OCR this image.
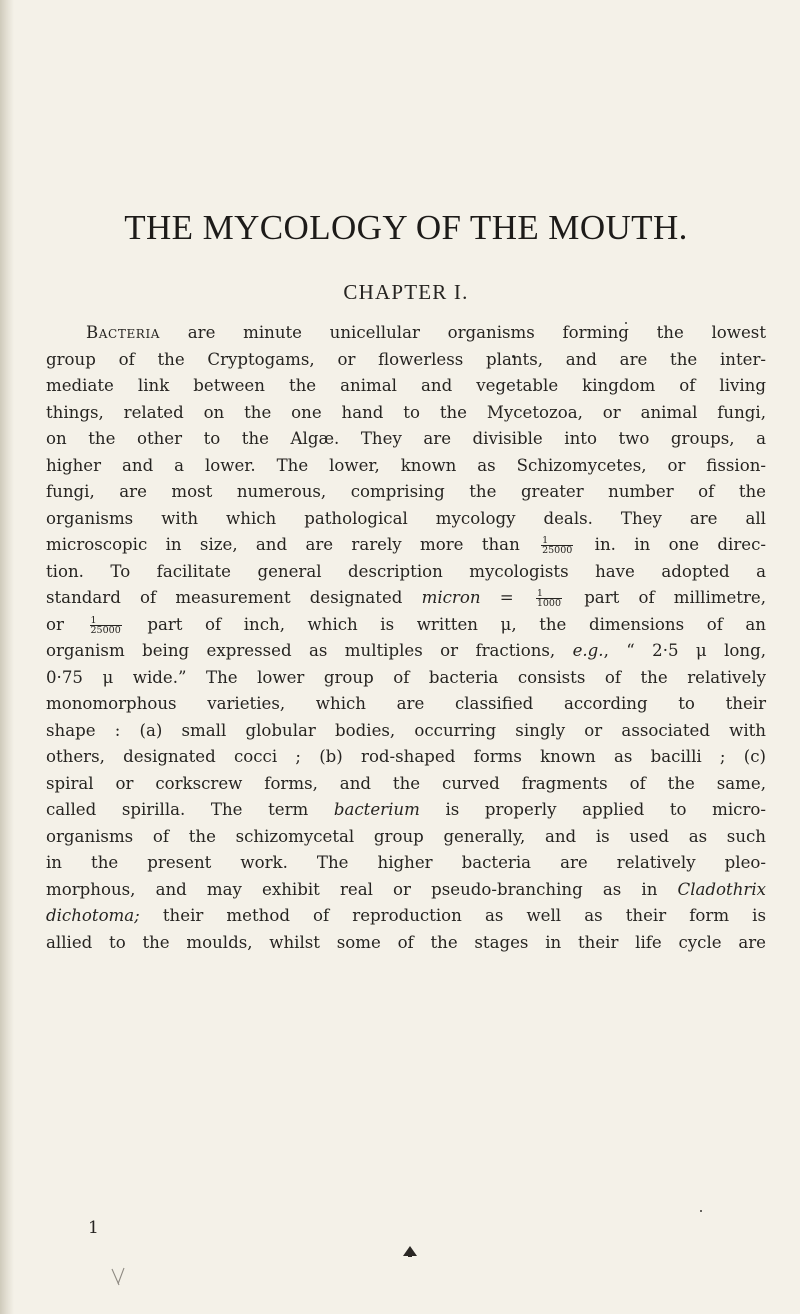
THE MYCOLOGY OF THE MOUTH.
CHAPTER I.
Bacteria are minute unicellular organisms forming the lowest
group of the Cryptogams, or flowerless plants, and are the inter-
mediate link between the animal and vegetable kingdom of living
things, related on the one hand to the Mycetozoa, or animal fungi,
on the other to the Algæ. They are divisible into two groups, a
higher and a lower. The lower, known as Schizomycetes, or fission-
fungi, are most numerous, comprising the greater number of the
organisms with which pathological mycology deals. They are all
microscopic in size, and are rarely more than $\frac{1}{25000}$ in. in one direc-
tion. To facilitate general description mycologists have adopted a
standard of measurement designated micron = $\frac{1}{1000}$ part of millimetre,
or	$\frac{1}{25000}$ part of inch, which is written μ, the dimensions of an
organism being expressed as multiples or fractions, e.g., “ 2·5 μ long,
0·75 μ wide.” The lower group of bacteria consists of the relatively
monomorphous varieties, which are classified according to their
shape : (a) small globular bodies, occurring singly or associated with
others, designated cocci ; (b) rod-shaped forms known as bacilli ; (c)
spiral or corkscrew forms, and the curved fragments of the same,
called spirilla. The term bacterium is properly applied to micro-
organisms of the schizomycetal group generally, and is used as such
in the present work. The higher bacteria are relatively pleo-
morphous, and may exhibit real or pseudo-branching as in Cladothrix
dichotoma; their method of reproduction as well as their form is
allied to the moulds, whilst some of the stages in their life cycle are
1
